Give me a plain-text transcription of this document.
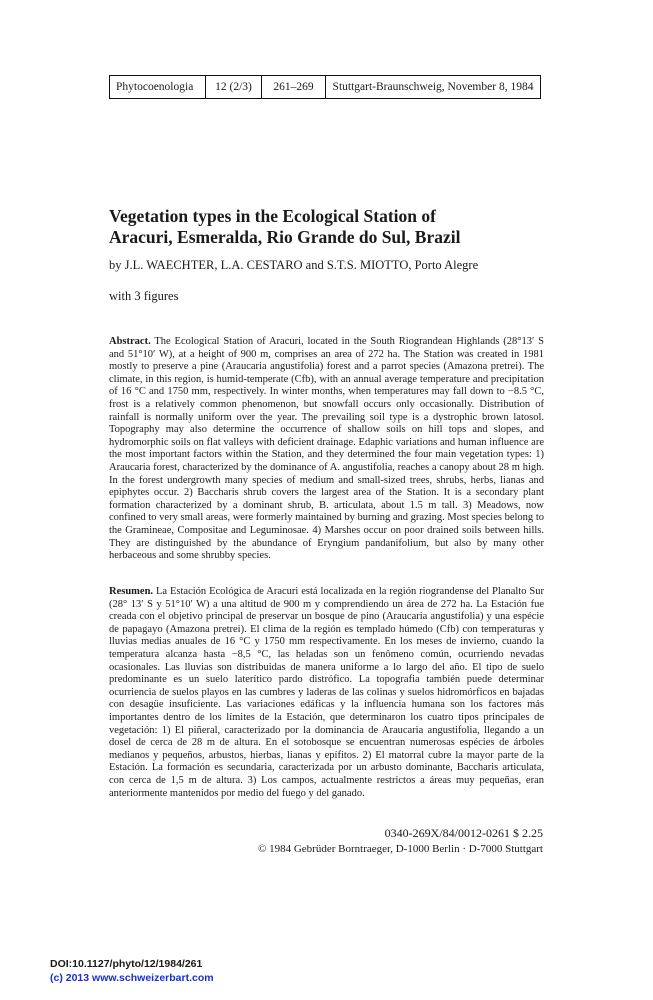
Phytocoenologia	12 (2/3)	261–269	Stuttgart-Braunschweig, November 8, 1984
Vegetation types in the Ecological Station of
Aracuri, Esmeralda, Rio Grande do Sul, Brazil
by J.L. WAECHTER, L.A. CESTARO and S.T.S. MIOTTO, Porto Alegre
with 3 figures

Abstract. The Ecological Station of Aracuri, located in the South Riograndean Highlands (28°13′ S and 51°10′ W), at a height of 900 m, comprises an area of 272 ha. The Station was created in 1981 mostly to preserve a pine (Araucaria angustifolia) forest and a parrot species (Amazona pretrei). The climate, in this region, is humid-temperate (Cfb), with an annual average temperature and precipitation of 16 °C and 1750 mm, respectively. In winter months, when temperatures may fall down to −8.5 °C, frost is a relatively common phenomenon, but snowfall occurs only occasionally. Distribution of rainfall is normally uniform over the year. The prevailing soil type is a dystrophic brown latosol. Topography may also determine the occurrence of shallow soils on hill tops and slopes, and hydromorphic soils on flat valleys with deficient drainage. Edaphic variations and human influence are the most important factors within the Station, and they determined the four main vegetation types: 1) Araucaria forest, characterized by the dominance of A. angustifolia, reaches a canopy about 28 m high. In the forest undergrowth many species of medium and small-sized trees, shrubs, herbs, lianas and epiphytes occur. 2) Baccharis shrub covers the largest area of the Station. It is a secondary plant formation characterized by a dominant shrub, B. articulata, about 1.5 m tall. 3) Meadows, now confined to very small areas, were formerly maintained by burning and grazing. Most species belong to the Gramineae, Compositae and Leguminosae. 4) Marshes occur on poor drained soils between hills. They are distinguished by the abundance of Eryngium pandanifolium, but also by many other herbaceous and some shrubby species.

Resumen. La Estación Ecológica de Aracuri está localizada en la región riograndense del Planalto Sur (28° 13′ S y 51°10′ W) a una altitud de 900 m y comprendiendo un área de 272 ha. La Estación fue creada con el objetivo principal de preservar un bosque de pino (Araucaria angustifolia) y una espécie de papagayo (Amazona pretrei). El clima de la región es templado húmedo (Cfb) con temperaturas y lluvias medias anuales de 16 °C y 1750 mm respectivamente. En los meses de invierno, cuando la temperatura alcanza hasta −8,5 °C, las heladas son un fenômeno común, ocurriendo nevadas ocasionales. Las lluvias son distribuidas de manera uniforme a lo largo del año. El tipo de suelo predominante es un suelo laterítico pardo distrófico. La topografia también puede determinar ocurriencia de suelos playos en las cumbres y laderas de las colinas y suelos hidromórficos en bajadas con desagüe insuficiente. Las variaciones edáficas y la influencia humana son los factores más importantes dentro de los límites de la Estación, que determinaron los cuatro tipos principales de vegetación: 1) El piñeral, caracterizado por la dominancia de Araucaria angustifolia, llegando a un dosel de cerca de 28 m de altura. En el sotobosque se encuentran numerosas espécies de árboles medianos y pequeños, arbustos, hierbas, lianas y epífitos. 2) El matorral cubre la mayor parte de la Estación. La formación es secundaria, caracterizada por un arbusto dominante, Baccharis articulata, con cerca de 1,5 m de altura. 3) Los campos, actualmente restrictos a áreas muy pequeñas, eran anteriormente mantenidos por medio del fuego y del ganado.

0340-269X/84/0012-0261 $ 2.25
© 1984 Gebrüder Borntraeger, D-1000 Berlin · D-7000 Stuttgart
DOI:10.1127/phyto/12/1984/261
(c) 2013 www.schweizerbart.com
